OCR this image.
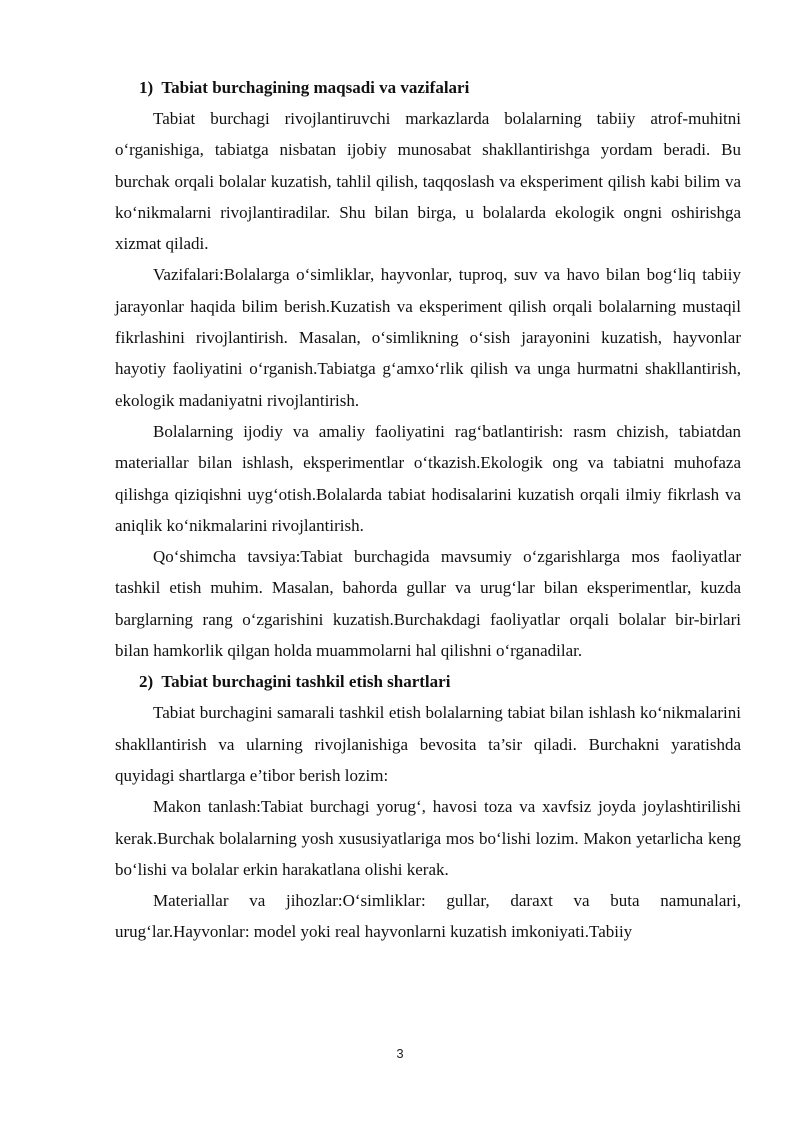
1)  Tabiat burchagining maqsadi va vazifalari

Tabiat burchagi rivojlantiruvchi markazlarda bolalarning tabiiy atrof-muhitni o‘rganishiga, tabiatga nisbatan ijobiy munosabat shakllantirishga yordam beradi. Bu burchak orqali bolalar kuzatish, tahlil qilish, taqqoslash va eksperiment qilish kabi bilim va ko‘nikmalarni rivojlantiradilar. Shu bilan birga, u bolalarda ekologik ongni oshirishga xizmat qiladi.

Vazifalari:Bolalarga o‘simliklar, hayvonlar, tuproq, suv va havo bilan bog‘liq tabiiy jarayonlar haqida bilim berish.Kuzatish va eksperiment qilish orqali bolalarning mustaqil fikrlashini rivojlantirish. Masalan, o‘simlikning o‘sish jarayonini kuzatish, hayvonlar hayotiy faoliyatini o‘rganish.Tabiatga g‘amxo‘rlik qilish va unga hurmatni shakllantirish, ekologik madaniyatni rivojlantirish.

Bolalarning ijodiy va amaliy faoliyatini rag‘batlantirish: rasm chizish, tabiatdan materiallar bilan ishlash, eksperimentlar o‘tkazish.Ekologik ong va tabiatni muhofaza qilishga qiziqishni uyg‘otish.Bolalarda tabiat hodisalarini kuzatish orqali ilmiy fikrlash va aniqlik ko‘nikmalarini rivojlantirish.

Qo‘shimcha tavsiya:Tabiat burchagida mavsumiy o‘zgarishlarga mos faoliyatlar tashkil etish muhim. Masalan, bahorda gullar va urug‘lar bilan eksperimentlar, kuzda barglarning rang o‘zgarishini kuzatish.Burchakdagi faoliyatlar orqali bolalar bir-birlari bilan hamkorlik qilgan holda muammolarni hal qilishni o‘rganadilar.

2)  Tabiat burchagini tashkil etish shartlari

Tabiat burchagini samarali tashkil etish bolalarning tabiat bilan ishlash ko‘nikmalarini shakllantirish va ularning rivojlanishiga bevosita ta’sir qiladi. Burchakni yaratishda quyidagi shartlarga e’tibor berish lozim:

Makon tanlash:Tabiat burchagi yorug‘, havosi toza va xavfsiz joyda joylashtirilishi kerak.Burchak bolalarning yosh xususiyatlariga mos bo‘lishi lozim. Makon yetarlicha keng bo‘lishi va bolalar erkin harakatlana olishi kerak.

Materiallar va jihozlar:O‘simliklar: gullar, daraxt va buta namunalari, urug‘lar.Hayvonlar: model yoki real hayvonlarni kuzatish imkoniyati.Tabiiy

3
